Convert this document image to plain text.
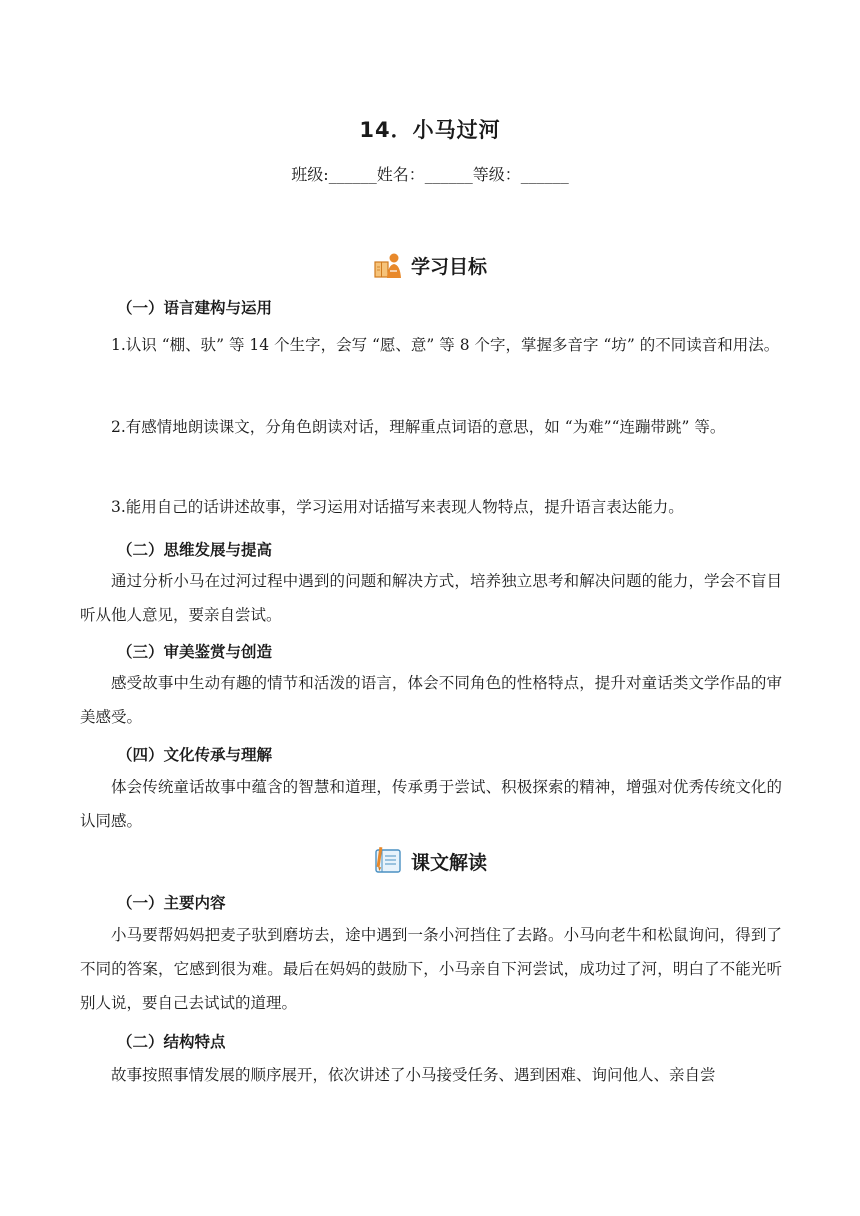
14．小马过河
班级:______姓名：______等级：______
学习目标
（一）语言建构与运用
1.认识 “棚、驮” 等 14 个生字，会写 “愿、意” 等 8 个字，掌握多音字 “坊” 的不同读音和用法。
2.有感情地朗读课文，分角色朗读对话，理解重点词语的意思，如 “为难”“连蹦带跳” 等。
3.能用自己的话讲述故事，学习运用对话描写来表现人物特点，提升语言表达能力。
（二）思维发展与提高
通过分析小马在过河过程中遇到的问题和解决方式，培养独立思考和解决问题的能力，学会不盲目听从他人意见，要亲自尝试。
（三）审美鉴赏与创造
感受故事中生动有趣的情节和活泼的语言，体会不同角色的性格特点，提升对童话类文学作品的审美感受。
（四）文化传承与理解
体会传统童话故事中蕴含的智慧和道理，传承勇于尝试、积极探索的精神，增强对优秀传统文化的认同感。
课文解读
（一）主要内容
小马要帮妈妈把麦子驮到磨坊去，途中遇到一条小河挡住了去路。小马向老牛和松鼠询问，得到了不同的答案，它感到很为难。最后在妈妈的鼓励下，小马亲自下河尝试，成功过了河，明白了不能光听别人说，要自己去试试的道理。
（二）结构特点
故事按照事情发展的顺序展开，依次讲述了小马接受任务、遇到困难、询问他人、亲自尝
